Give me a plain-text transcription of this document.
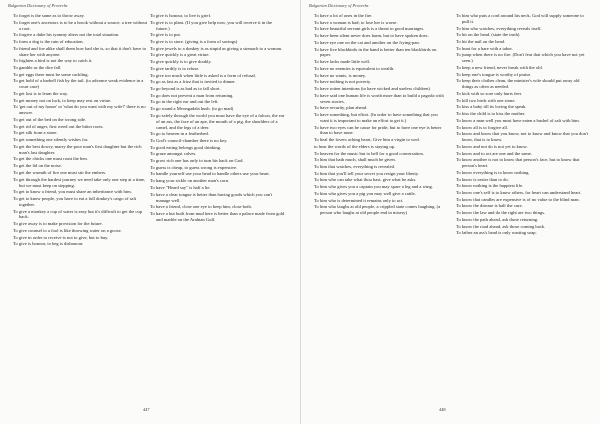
Bulgarian Dictionary of Proverbs

To forget is the same as to throw away.

To forget one's ancestors is to be a brook without a source, a tree without a root.

To forgive a duke his tyranny alters not the total situation.

To form a dog is the ruin of education.

To friend and foe alike shall them how bad she is, so that it don't have to share her with anyone.

To frighten a bird is not the way to catch it.

To gamble as the dice fall.

To get eggs there must be some cackling.

To get hold of a barbell fish by the tail. (to advance weak evidence in a court case)

To get lost is to learn the way.

To get money not on luck, to keep may rest on virtue.

To 'get out of my house' or 'what do you want with my wife?' there is no answer.

To get out of the bed on the wrong side.

To get rid of anger, first weed out the bitter roots.

To get silk from a stone.

To get something one silently wishes for.

To get the best dowry, marry the poor man's first daughter but the rich man's last daughter.

To get the chicks one must roast the hen.

To get the lid on the noise.

To get the warmth of fire one must stir the embers.

To get through the hardest journey we need take only one step at a time, but we must keep on stepping.

To get to know a friend, you must share an inheritance with him.

To get to know people, you have to eat a full donkey's cargo of salt together.

To give a monkey a cup of water is easy but it's difficult to get the cup back.

To give away is to make provision for the future.

To give counsel to a fool is like throwing water on a goose.

To give in order to receive is not to give, but to buy.

To give is honour, to beg is dishonour.

To give is honour, to live is grief.

To give is to plant. (If you give help now, you will receive it in the future.)

To give is to put.

To give is to store. (giving is a form of savings)

To give jewels to a donkey is as stupid as giving a stomach to a woman.

To give quickly is a great virtue.

To give quickly is to give doubly.

To give tardily is to refuse.

To give too much when little is asked is a form of refusal.

To go as fast as a frizz that is invited to dinner.

To go beyond is as bad as to fall short.

To go does not prevent a man from returning.

To go in the right ear and out the left.

To go round a Mvongadala bush. (to go mad)

To go safely through the world you must have the eye of a falcon, the ear of an ass, the face of an ape, the mouth of a pig, the shoulders of a camel, and the legs of a deer.

To go to heaven in a featherbed.

To God's council-chamber there is no key.

To good eating belongs good drinking.

To graze amongst calves.

To grow rich one has only to turn his back on God.

To guess is cheap, to guess wrong is expensive.

To handle yourself use your head to handle others use your heart.

To hang your sickle on another man's corn.

To have "Heard say" is half a lie.

To have a clear tongue is better than having goods which you can't manage well.

To have a friend, close one eye to keep him, close both.

To have a hut built from mud here is better than a palace made from gold and marble on the Arabian Gulf.

447
Bulgarian Dictionary of Proverbs

To have a lot of ones in the fire.

To have a woman is bad; to lose her is worse.

To have beautiful servant girls is a threat to good marriages.

To have been silent never does harm, but to have spoken does.

To have eye one on the cat and another on the frying-pan.

To have five blackbirds in the hand is better than ten blackbirds on paper.

To have lacks made little well.

To have no enemies is equivalent to wealth.

To have no wants, is money.

To have nothing is not poverty.

To have rotten intentions (to have wicked and useless children)

To have said one human life is worth more than to build a pagoda with seven stories.

To have security, plan ahead.

To have something, but effort. (In order to have something that you want it is important to make an effort to get it.)

To have two eyes can be cause for pride, but to have one eye is better than to have none.

To heal the lovers aching heart, Give him a virgin to wed.

to hear the words of the elders is staying up.

To heaven for the music but to hell for a good conversation.

To him that hath much, shall much be given.

To him that watches, everything is revealed.

To him that you'll tell your secret you resign your liberty.

To him who can take what thou hast, give what he asks.

To him who gives you a captain you may spare a leg and a wing.

To him who gives you a pig you may well give a cattle.

To him who is determined it remains only to act.

To him who laughs at old people, a crippled state comes laughing. (a person who laughs at old people end in misery)

To him who puts a cord around his neck, God will supply someone to pull it.

To him who watches, everything reveals itself.

To hit on the head. (state the truth)

To hit the nail on the head.

To hunt for a hare with a tabor.

To jump when there is no fire. (Don't fear that which you have not yet seen.)

To keep a new friend, never break with the old.

To keep one's tongue is worthy of praise.

To keep their clothes clean, the minister's wife should put away old things as often as needed.

To kick with so sore only hurts feet.

To kill two birds with one stone.

To kiss a baby till its loving the speak.

To kiss the child is to kiss the mother.

To know a man well you must have eaten a bushel of salt with him.

To know all is to forgive all.

To know and know that you know, not to know and know that you don't know, that is to know.

To know and not do is not yet to know.

To know and to act are one and the same.

To know another is not to know that person's face, but to know that person's heart.

To know everything is to know nothing.

To know is easier than to do.

To know nothing is the happiest life.

To know one's self is to know others, for heart can understand heart.

To know that candles are expensive is of no value to the blind man.

To know the disease is half the cure.

To know the law and do the right are two things.

To know the path ahead, ask those returning.

To know the road ahead, ask those coming back.

To lather an ass's head is only wasting soap.

448
